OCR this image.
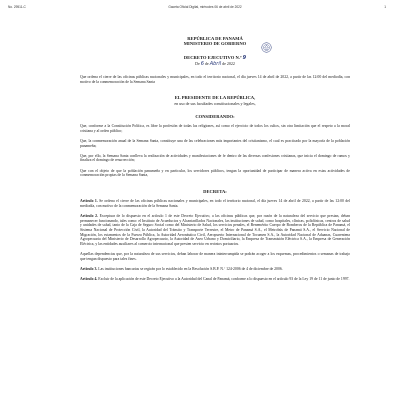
No. 29511-C	Gaceta Oficial Digital, miércoles 06 de abril de 2022	1
REPÚBLICA DE PANAMÁ
MINISTERIO DE GOBIERNO
DECRETO EJECUTIVO N.º 9
De 6 de Abril de 2022

Que ordena el cierre de las oficinas públicas nacionales y municipales, en todo el territorio nacional, el día jueves 14 de abril de 2022, a partir de las 12:00 del mediodía, con motivo de la conmemoración de la Semana Santa

EL PRESIDENTE DE LA REPÚBLICA,
en uso de sus facultades constitucionales y legales,
CONSIDERANDO:

Que, conforme a la Constitución Política, es libre la profesión de todas las religiones, así como el ejercicio de todos los cultos, sin otra limitación que el respeto a la moral cristiana y al orden público;

Que, la conmemoración anual de la Semana Santa, constituye una de las celebraciones más importantes del cristianismo, el cual es practicado por la mayoría de la población panameña;

Que, por ello, la Semana Santa conlleva la realización de actividades y manifestaciones de fe dentro de las diversas confesiones cristianas, que inicia el domingo de ramos y finaliza el domingo de resurrección;

Que con el objeto de que la población panameña y en particular, los servidores públicos, tengan la oportunidad de participar de manera activa en estas actividades de conmemoración propias de la Semana Santa,

DECRETA:

Artículo 1. Se ordena el cierre de las oficinas públicas nacionales y municipales, en todo el territorio nacional, el día jueves 14 de abril de 2022, a partir de las 12:00 del mediodía, con motivo de la conmemoración de la Semana Santa.

Artículo 2. Exceptuar de lo dispuesto en el artículo 1 de este Decreto Ejecutivo, a las oficinas públicas que, por razón de la naturaleza del servicio que prestan, deban permanecer funcionando, tales como: el Instituto de Acueductos y Alcantarillados Nacionales, las instituciones de salud, como hospitales, clínicas, policlínicas, centros de salud y unidades de salud, tanto de la Caja de Seguro Social como del Ministerio de Salud, los servicios penales, el Benemérito Cuerpo de Bomberos de la República de Panamá, el Sistema Nacional de Protección Civil, la Autoridad del Tránsito y Transporte Terrestre, el Metro de Panamá S.A., el Metrobús de Panamá S.A., el Servicio Nacional de Migración, los estamentos de la Fuerza Pública, la Autoridad Aeronáutica Civil, Aeropuerto Internacional de Tocumen S.A., la Autoridad Nacional de Aduanas, Cuarentena Agropecuaria del Ministerio de Desarrollo Agropecuario, la Autoridad de Aseo Urbano y Domiciliario, la Empresa de Transmisión Eléctrica S.A., la Empresa de Generación Eléctrica, y las entidades auxiliares al comercio internacional que presten servicio en recintos portuarios.

Aquellas dependencias que, por la naturaleza de sus servicios, deban laborar de manera ininterrumpida se podrán acoger a los esquemas, procedimientos o semanas de trabajo que tengan dispuesto para tales fines.

Artículo 3. Las instituciones bancarias se regirán por lo establecido en la Resolución S.B.P. N.º 124-2006 de 4 de diciembre de 2006.

Artículo 4. Excluir de la aplicación de este Decreto Ejecutivo a la Autoridad del Canal de Panamá, conforme a lo dispuesto en el artículo 93 de la Ley 19 de 11 de junio de 1997.
